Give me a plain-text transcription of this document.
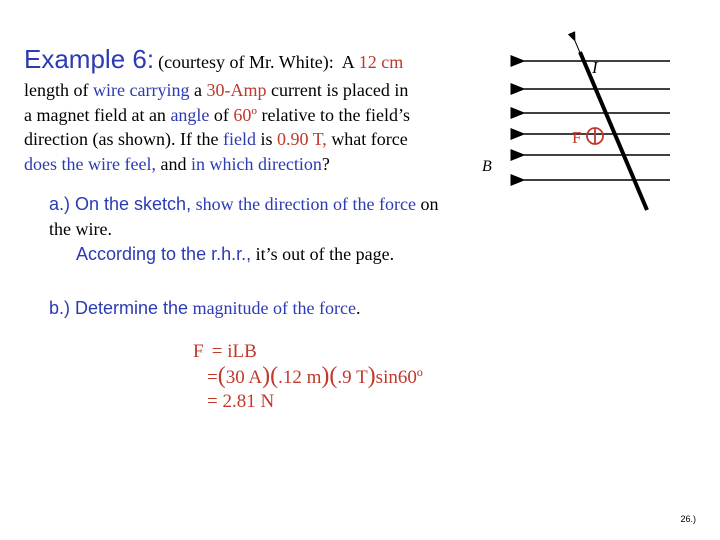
Example 6: (courtesy of Mr. White): A 12 cm
length of wire carrying a 30-Amp current is placed in
a magnet field at an angle of 60º relative to the field’s
direction (as shown). If the field is 0.90 T, what force
does the wire feel, and in which direction?
a.) On the sketch, show the direction of the force on
the wire.
According to the r.h.r., it’s out of the page.
b.) Determine the magnitude of the force.
F = iLB
=(30 A)(.12 m)(.9 T)sin60º
= 2.81 N
I
B
F
26.)
